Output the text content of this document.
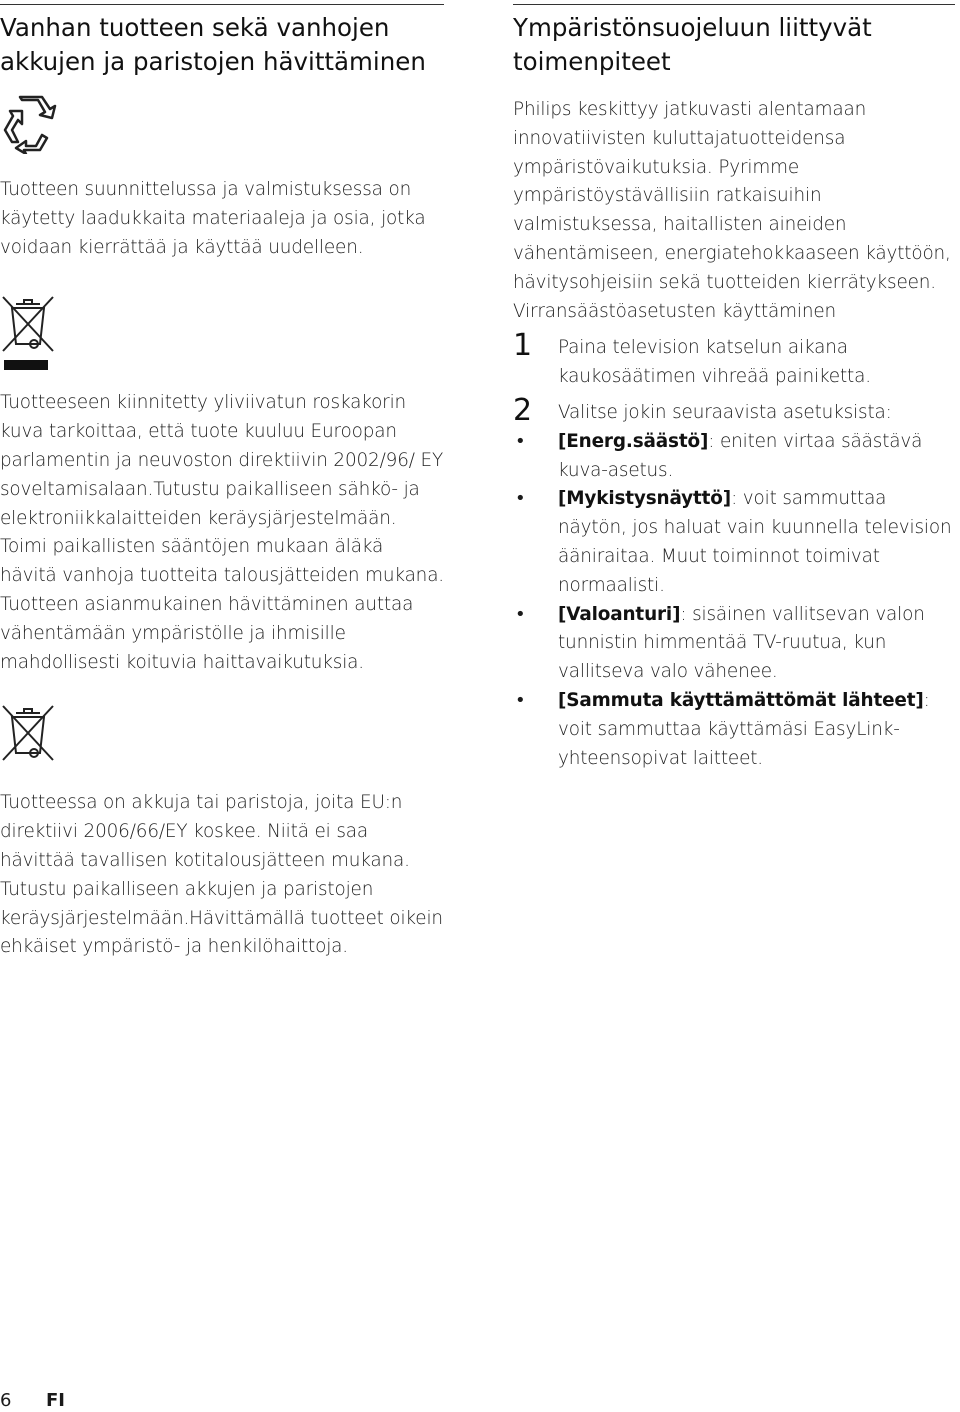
Vanhan tuotteen sekä vanhojen
akkujen ja paristojen hävittäminen

Tuotteen suunnittelussa ja valmistuksessa on käytetty laadukkaita materiaaleja ja osia, jotka voidaan kierrättää ja käyttää uudelleen.

Tuotteeseen kiinnitetty yliviivatun roskakorin kuva tarkoittaa, että tuote kuuluu Euroopan parlamentin ja neuvoston direktiivin 2002/96/ EY soveltamisalaan.Tutustu paikalliseen sähkö- ja elektroniikkalaitteiden keräysjärjestelmään. Toimi paikallisten sääntöjen mukaan äläkä hävitä vanhoja tuotteita talousjätteiden mukana. Tuotteen asianmukainen hävittäminen auttaa vähentämään ympäristölle ja ihmisille mahdollisesti koituvia haittavaikutuksia.

Tuotteessa on akkuja tai paristoja, joita EU:n direktiivi 2006/66/EY koskee. Niitä ei saa hävittää tavallisen kotitalousjätteen mukana. Tutustu paikalliseen akkujen ja paristojen keräysjärjestelmään.Hävittämällä tuotteet oikein ehkäiset ympäristö- ja henkilöhaittoja.

Ympäristönsuojeluun liittyvät
toimenpiteet

Philips keskittyy jatkuvasti alentamaan innovatiivisten kuluttajatuotteidensa ympäristövaikutuksia. Pyrimme ympäristöystävällisiin ratkaisuihin valmistuksessa, haitallisten aineiden vähentämiseen, energiatehokkaaseen käyttöön, hävitysohjeisiin sekä tuotteiden kierrätykseen.

Virransäästöasetusten käyttäminen

1 Paina television katselun aikana kaukosäätimen vihreää painiketta.

2 Valitse jokin seuraavista asetuksista:

• [Energ.säästö]: eniten virtaa säästävä kuva-asetus.

• [Mykistysnäyttö]: voit sammuttaa näytön, jos haluat vain kuunnella television ääniraitaa. Muut toiminnot toimivat normaalisti.

• [Valoanturi]: sisäinen vallitsevan valon tunnistin himmentää TV-ruutua, kun vallitseva valo vähenee.

• [Sammuta käyttämättömät lähteet]: voit sammuttaa käyttämäsi EasyLink-yhteensopivat laitteet.

6 FI
